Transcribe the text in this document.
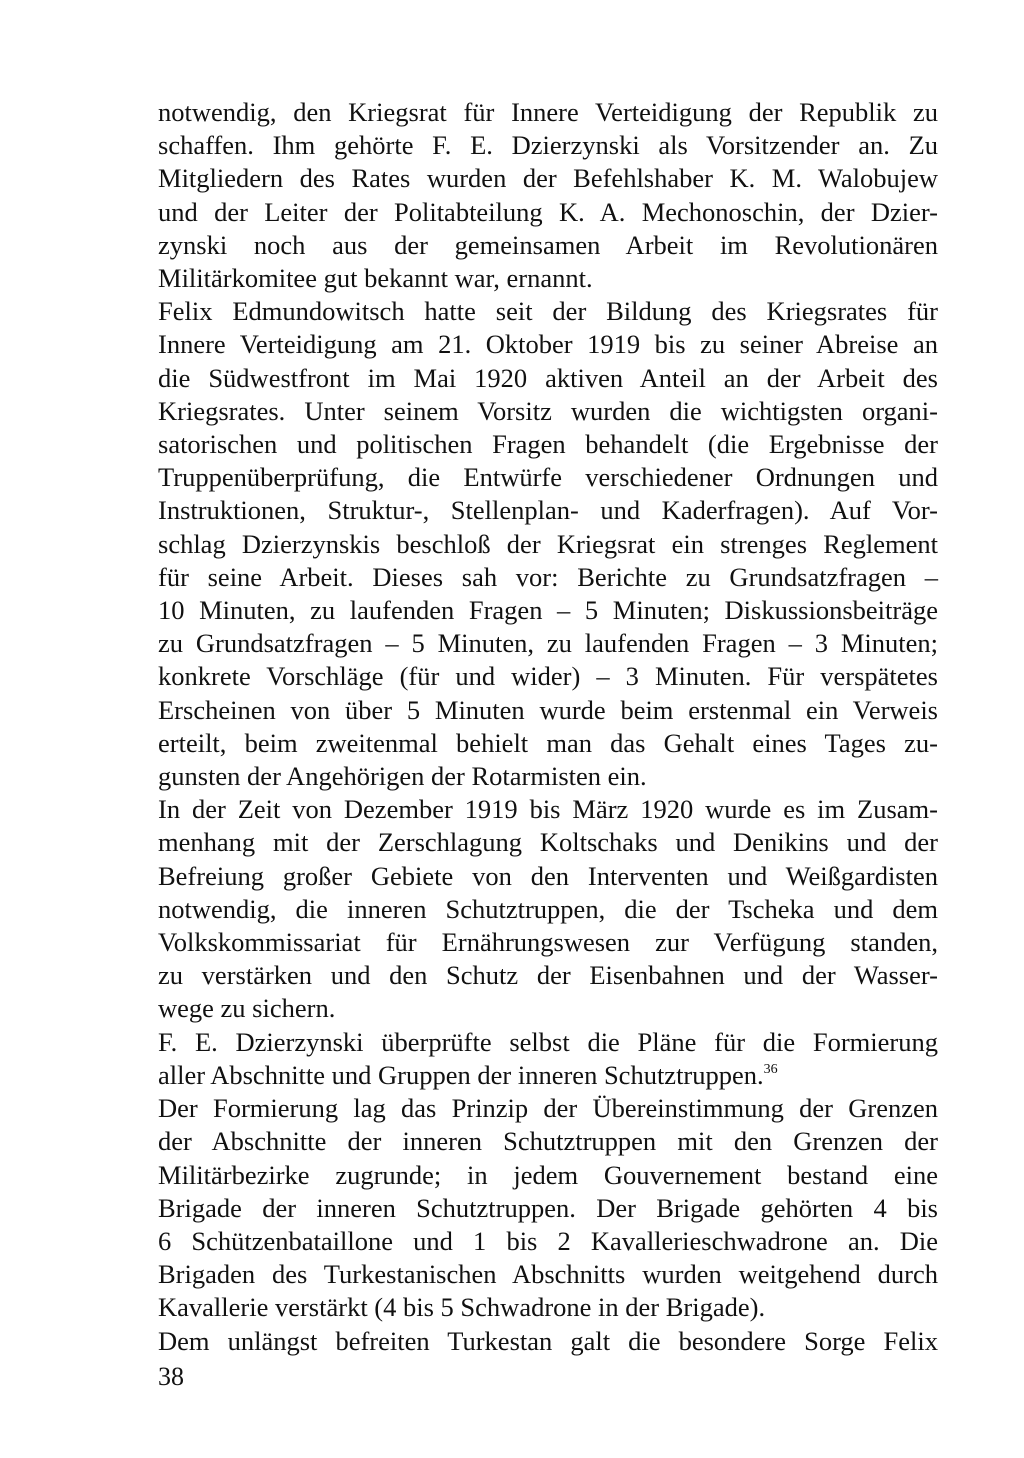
notwendig, den Kriegsrat für Innere Verteidigung der Republik zu
schaffen. Ihm gehörte F. E. Dzierzynski als Vorsitzender an. Zu
Mitgliedern des Rates wurden der Befehlshaber K. M. Walobujew
und der Leiter der Politabteilung K. A. Mechonoschin, der Dzier-
zynski noch aus der gemeinsamen Arbeit im Revolutionären
Militärkomitee gut bekannt war, ernannt.
Felix Edmundowitsch hatte seit der Bildung des Kriegsrates für
Innere Verteidigung am 21. Oktober 1919 bis zu seiner Abreise an
die Südwestfront im Mai 1920 aktiven Anteil an der Arbeit des
Kriegsrates. Unter seinem Vorsitz wurden die wichtigsten organi-
satorischen und politischen Fragen behandelt (die Ergebnisse der
Truppenüberprüfung, die Entwürfe verschiedener Ordnungen und
Instruktionen, Struktur-, Stellenplan- und Kaderfragen). Auf Vor-
schlag Dzierzynskis beschloß der Kriegsrat ein strenges Reglement
für seine Arbeit. Dieses sah vor: Berichte zu Grundsatzfragen –
10 Minuten, zu laufenden Fragen – 5 Minuten; Diskussionsbeiträge
zu Grundsatzfragen – 5 Minuten, zu laufenden Fragen – 3 Minuten;
konkrete Vorschläge (für und wider) – 3 Minuten. Für verspätetes
Erscheinen von über 5 Minuten wurde beim erstenmal ein Verweis
erteilt, beim zweitenmal behielt man das Gehalt eines Tages zu-
gunsten der Angehörigen der Rotarmisten ein.
In der Zeit von Dezember 1919 bis März 1920 wurde es im Zusam-
menhang mit der Zerschlagung Koltschaks und Denikins und der
Befreiung großer Gebiete von den Interventen und Weißgardisten
notwendig, die inneren Schutztruppen, die der Tscheka und dem
Volkskommissariat für Ernährungswesen zur Verfügung standen,
zu verstärken und den Schutz der Eisenbahnen und der Wasser-
wege zu sichern.
F. E. Dzierzynski überprüfte selbst die Pläne für die Formierung
aller Abschnitte und Gruppen der inneren Schutztruppen.$^{36}$
Der Formierung lag das Prinzip der Übereinstimmung der Grenzen
der Abschnitte der inneren Schutztruppen mit den Grenzen der
Militärbezirke zugrunde; in jedem Gouvernement bestand eine
Brigade der inneren Schutztruppen. Der Brigade gehörten 4 bis
6 Schützenbataillone und 1 bis 2 Kavallerieschwadrone an. Die
Brigaden des Turkestanischen Abschnitts wurden weitgehend durch
Kavallerie verstärkt (4 bis 5 Schwadrone in der Brigade).
Dem unlängst befreiten Turkestan galt die besondere Sorge Felix
38
